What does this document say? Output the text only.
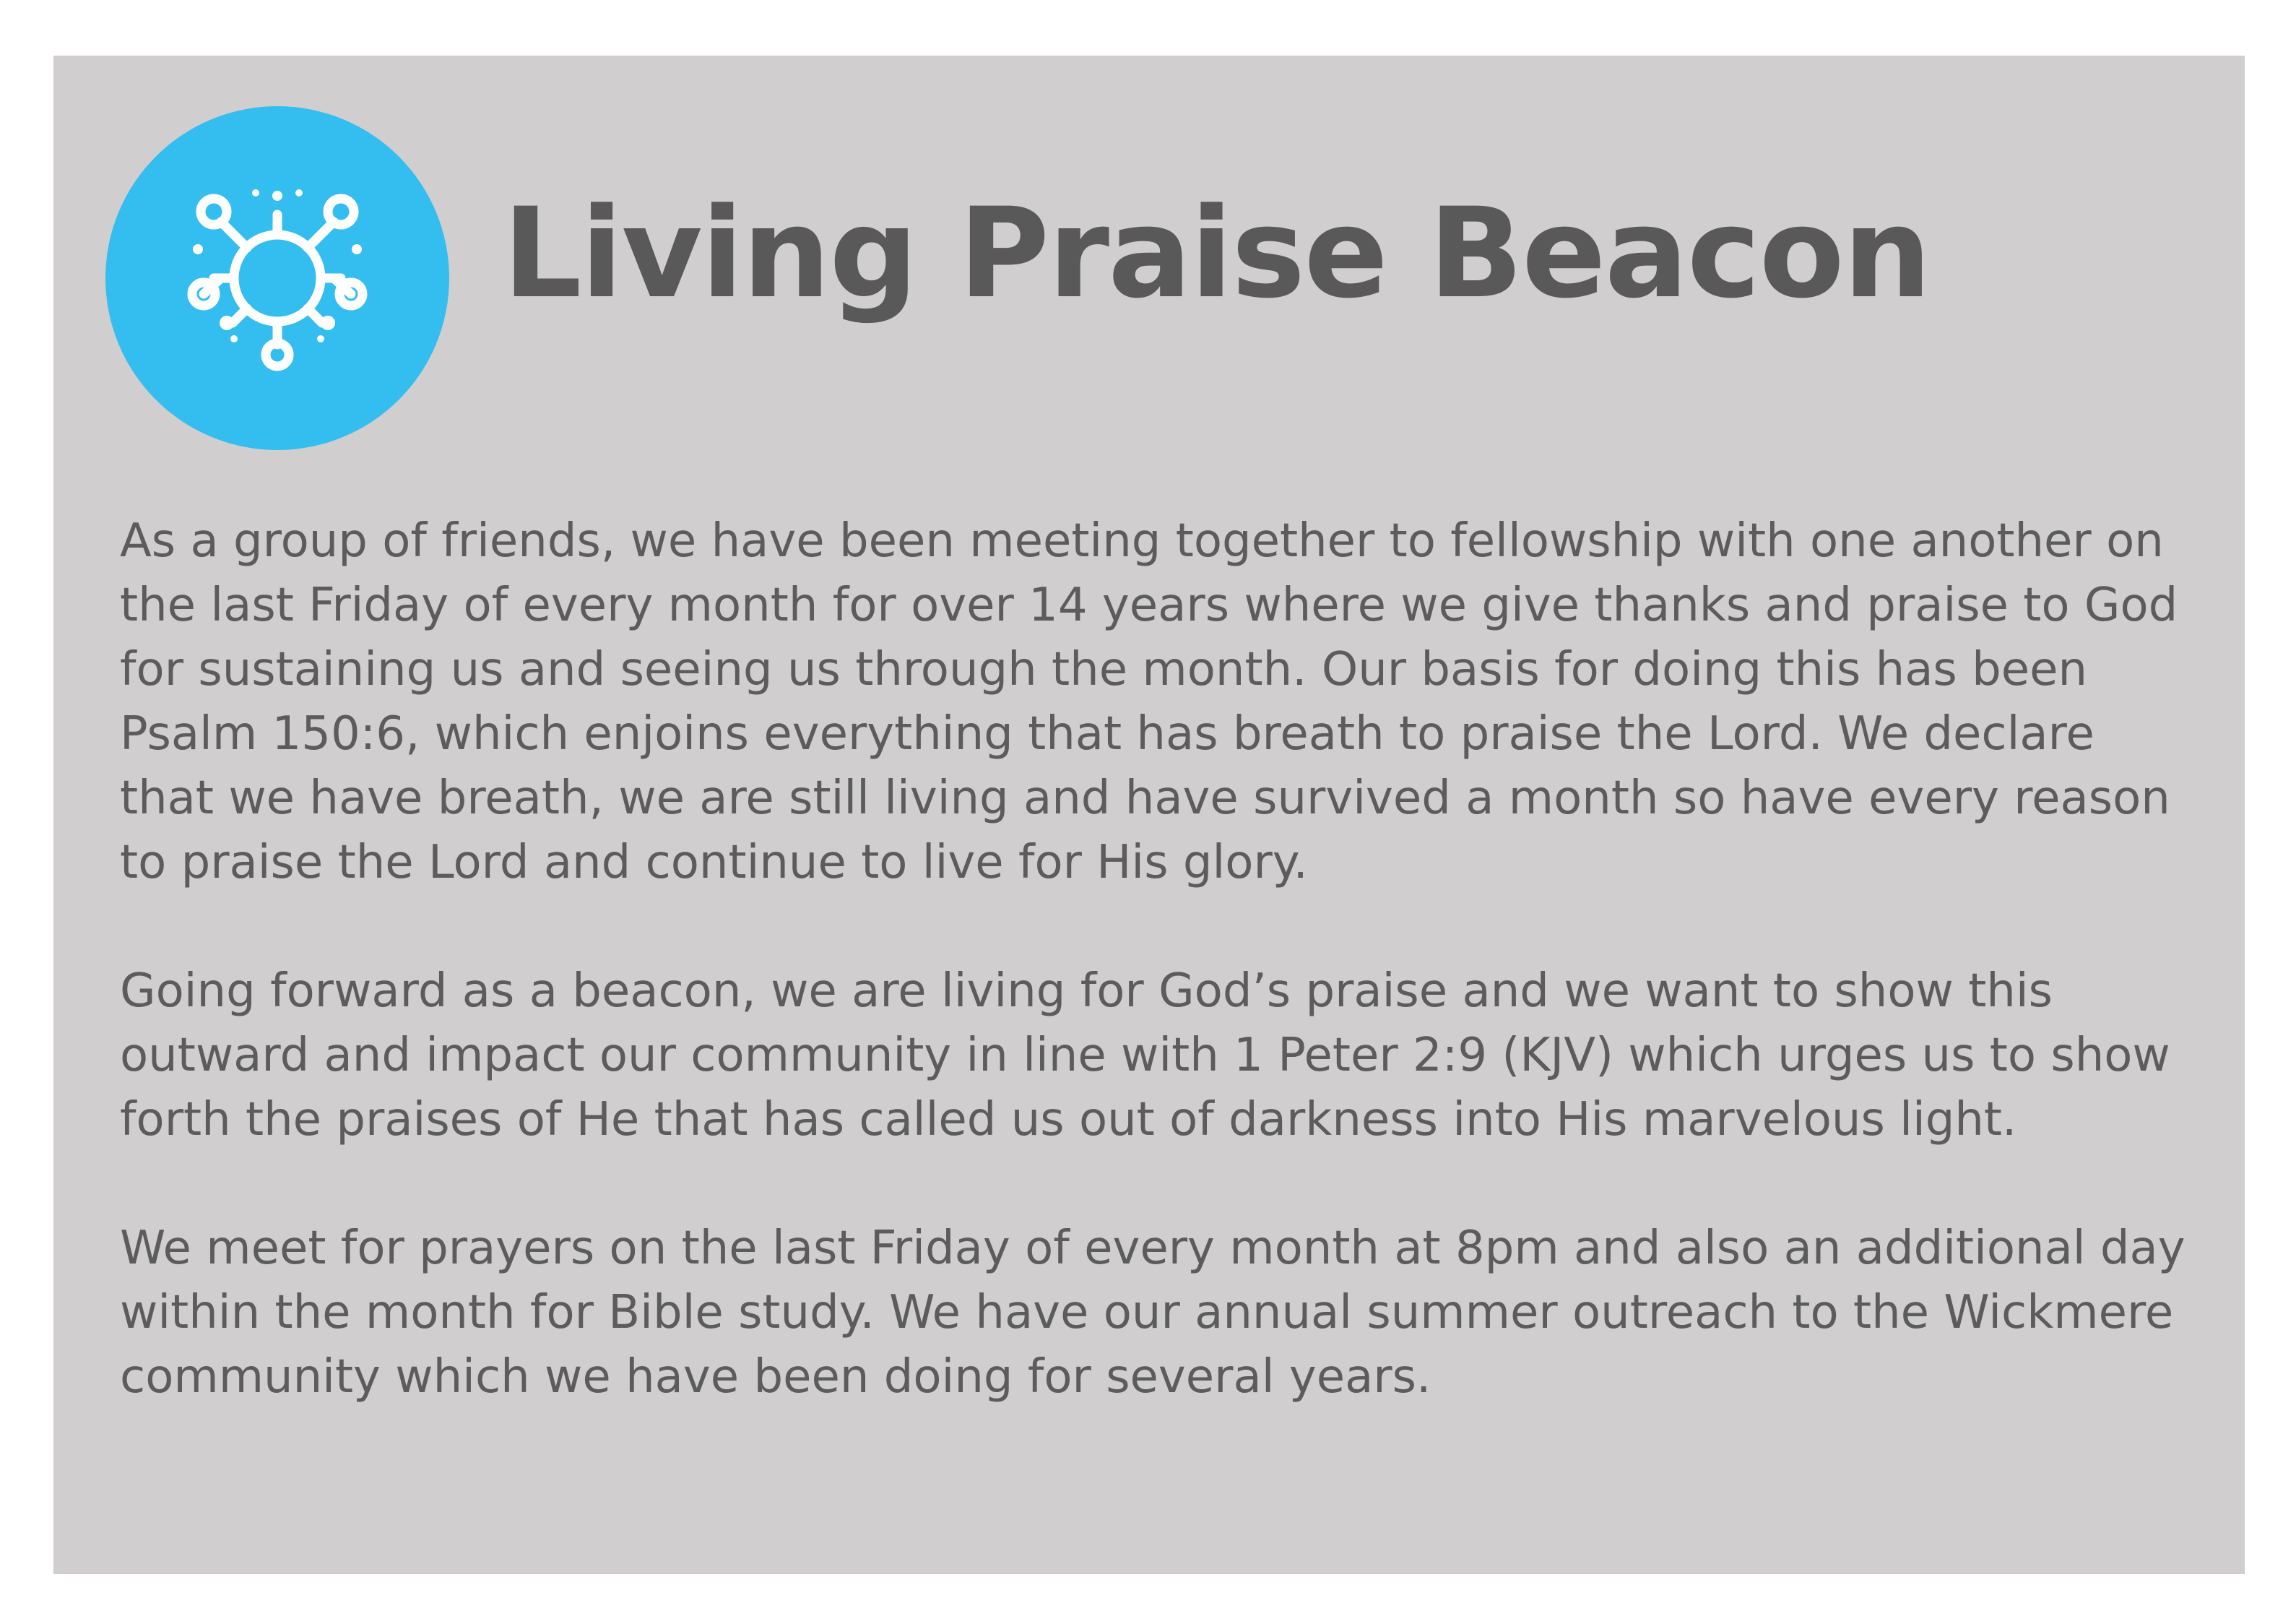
Living Praise Beacon

As a group of friends, we have been meeting together to fellowship with one another on the last Friday of every month for over 14 years where we give thanks and praise to God for sustaining us and seeing us through the month. Our basis for doing this has been Psalm 150:6, which enjoins everything that has breath to praise the Lord. We declare that we have breath, we are still living and have survived a month so have every reason to praise the Lord and continue to live for His glory.

Going forward as a beacon, we are living for God’s praise and we want to show this outward and impact our community in line with 1 Peter 2:9 (KJV) which urges us to show forth the praises of He that has called us out of darkness into His marvelous light.

We meet for prayers on the last Friday of every month at 8pm and also an additional day within the month for Bible study. We have our annual summer outreach to the Wickmere community which we have been doing for several years.
